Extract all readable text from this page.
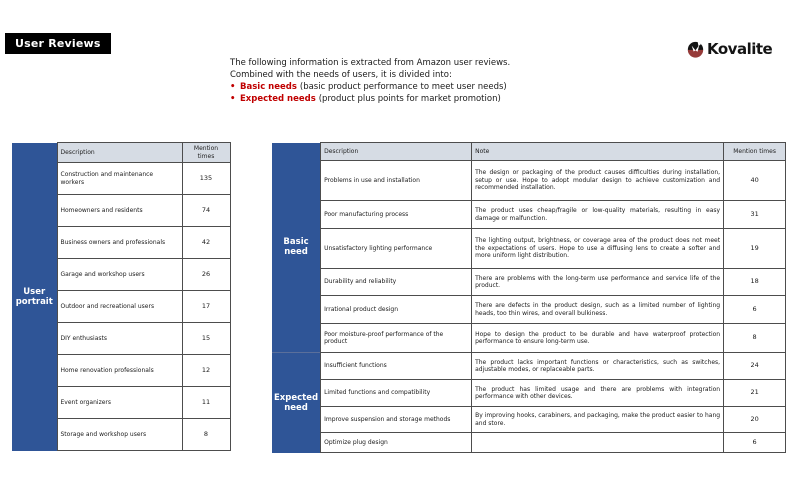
User Reviews	Kovalite
The following information is extracted from Amazon user reviews.
Combined with the needs of users, it is divided into:
• Basic needs (basic product performance to meet user needs)
• Expected needs (product plus points for market promotion)
User portrait	Description	Mention times
	Construction and maintenance workers	135
	Homeowners and residents	74
	Business owners and professionals	42
	Garage and workshop users	26
	Outdoor and recreational users	17
	DIY enthusiasts	15
	Home renovation professionals	12
	Event organizers	11
	Storage and workshop users	8
Basic need	Description	Note	Mention times
	Problems in use and installation	The design or packaging of the product causes difficulties during installation, setup or use. Hope to adopt modular design to achieve customization and recommended installation.	40
	Poor manufacturing process	The product uses cheap/fragile or low-quality materials, resulting in easy damage or malfunction.	31
	Unsatisfactory lighting performance	The lighting output, brightness, or coverage area of the product does not meet the expectations of users. Hope to use a diffusing lens to create a softer and more uniform light distribution.	19
	Durability and reliability	There are problems with the long-term use performance and service life of the product.	18
	Irrational product design	There are defects in the product design, such as a limited number of lighting heads, too thin wires, and overall bulkiness.	6
	Poor moisture-proof performance of the product	Hope to design the product to be durable and have waterproof protection performance to ensure long-term use.	8
Expected need	Insufficient functions	The product lacks important functions or characteristics, such as switches, adjustable modes, or replaceable parts.	24
	Limited functions and compatibility	The product has limited usage and there are problems with integration performance with other devices.	21
	Improve suspension and storage methods	By improving hooks, carabiners, and packaging, make the product easier to hang and store.	20
	Optimize plug design		6
